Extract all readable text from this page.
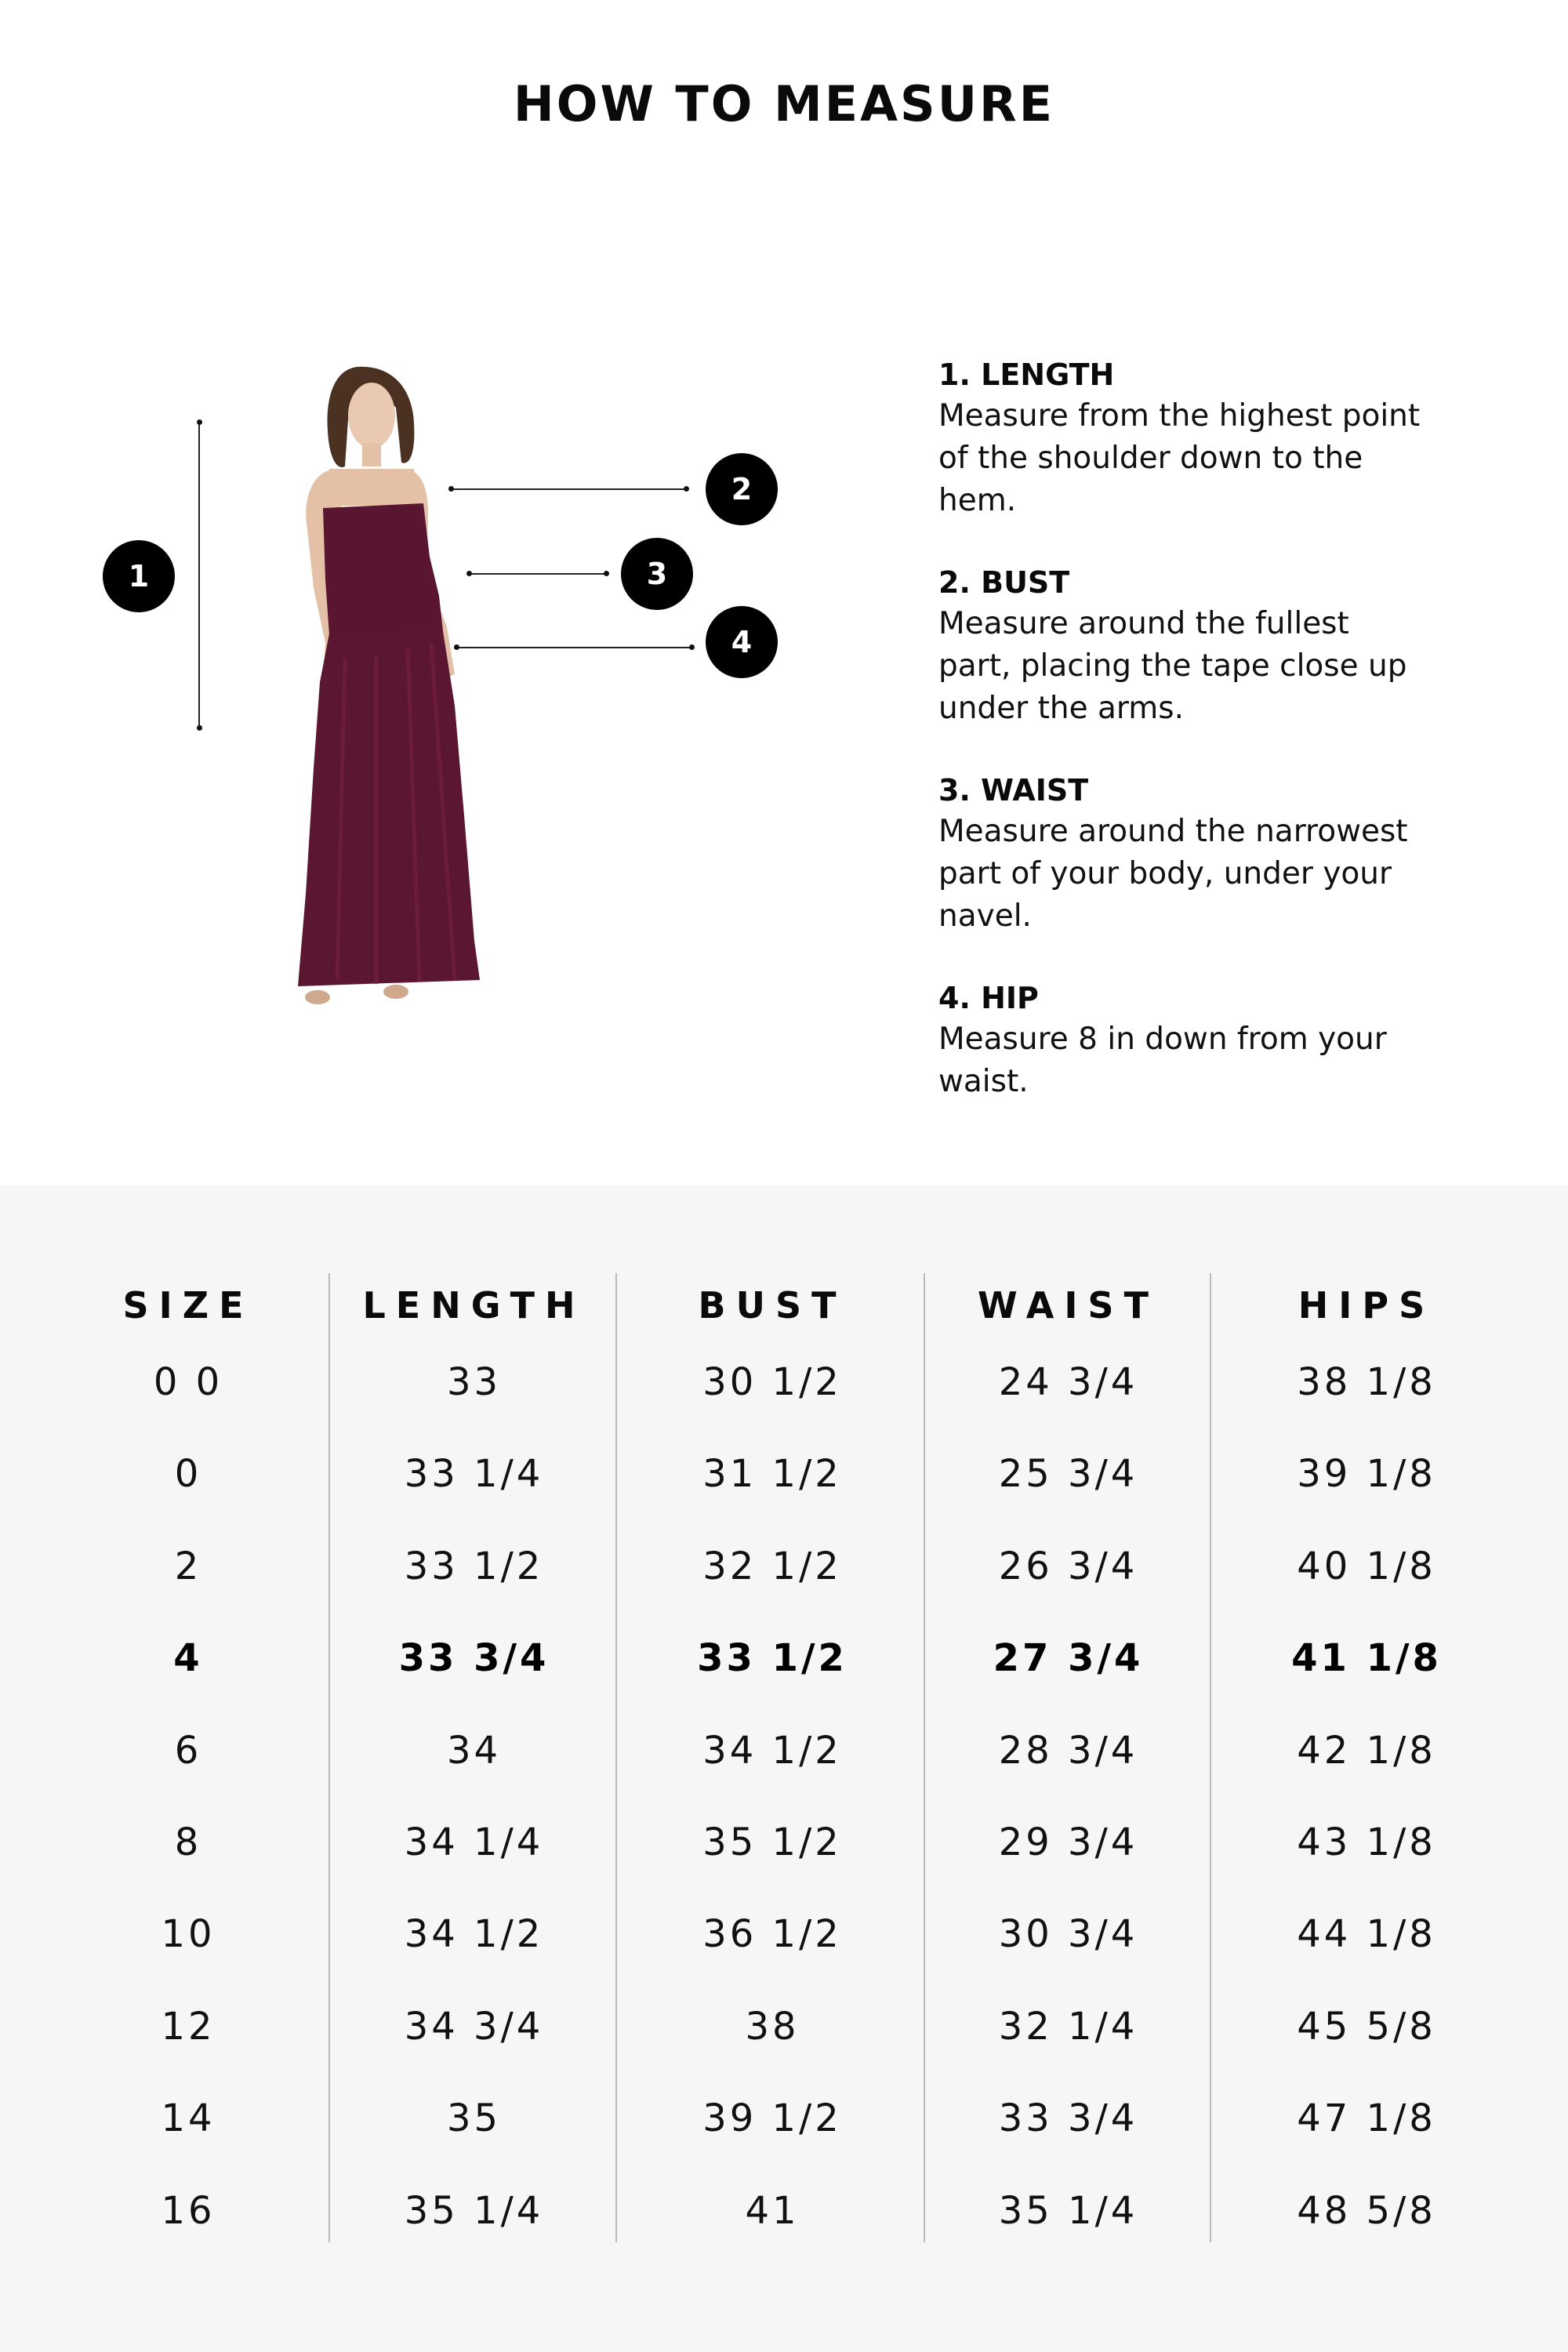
HOW TO MEASURE
1
2
3
4

1. LENGTH

Measure from the highest point

of the shoulder down to the

hem.

2. BUST

Measure around the fullest

part, placing the tape close up

under the arms.

3. WAIST

Measure around the narrowest

part of your body, under your

navel.

4. HIP

Measure 8 in down from your

waist.

SIZE
0 0
0
2
4
6
8
10
12
14
16
LENGTH
33
33 1/4
33 1/2
33 3/4
34
34 1/4
34 1/2
34 3/4
35
35 1/4
BUST
30 1/2
31 1/2
32 1/2
33 1/2
34 1/2
35 1/2
36 1/2
38
39 1/2
41
WAIST
24 3/4
25 3/4
26 3/4
27 3/4
28 3/4
29 3/4
30 3/4
32 1/4
33 3/4
35 1/4
HIPS
38 1/8
39 1/8
40 1/8
41 1/8
42 1/8
43 1/8
44 1/8
45 5/8
47 1/8
48 5/8
